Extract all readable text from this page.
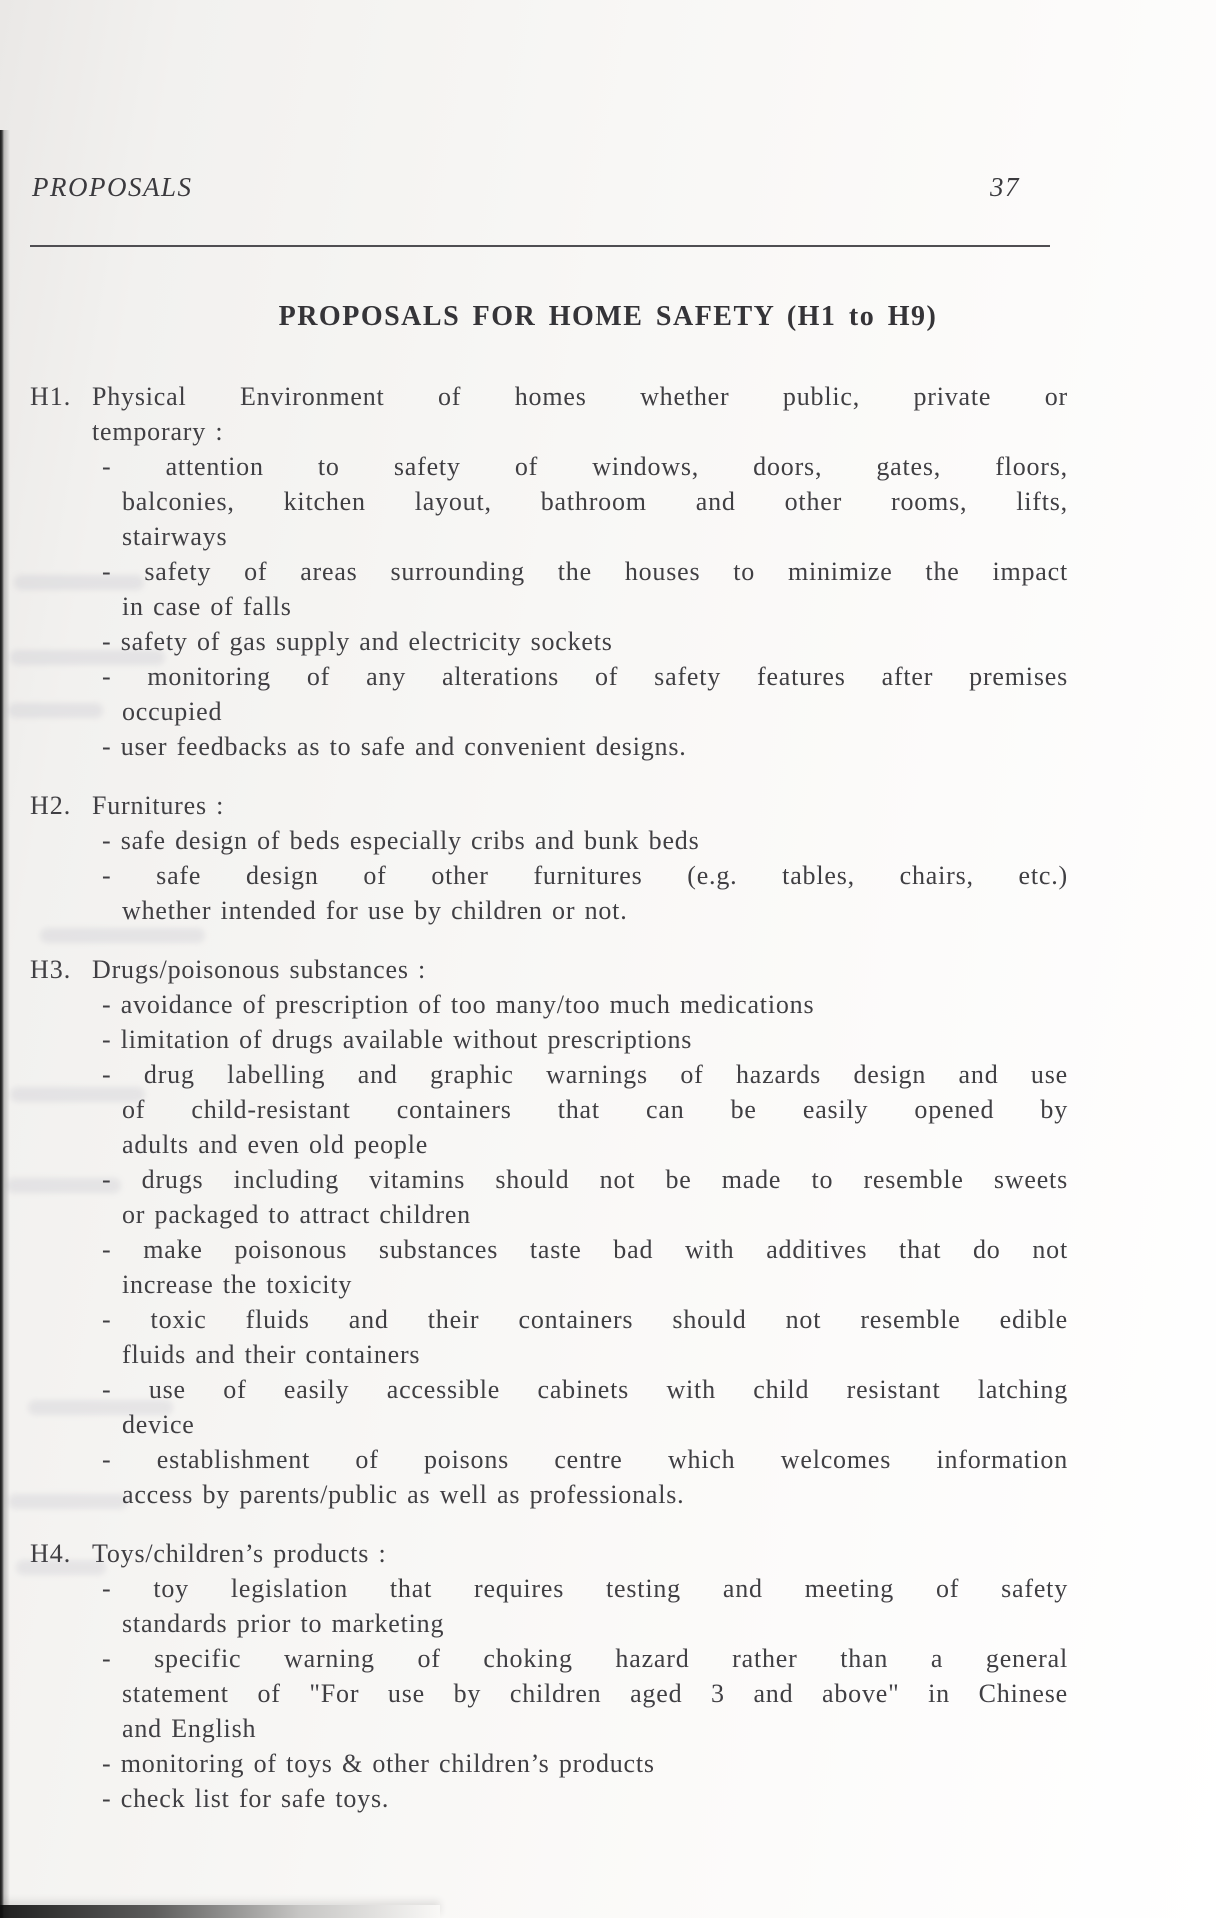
PROPOSALS	37
PROPOSALS FOR HOME SAFETY (H1 to H9)
H1. Physical Environment of homes whether public, private or
temporary :
- attention to safety of windows, doors, gates, floors,
balconies, kitchen layout, bathroom and other rooms, lifts,
stairways
- safety of areas surrounding the houses to minimize the impact
in case of falls
- safety of gas supply and electricity sockets
- monitoring of any alterations of safety features after premises
occupied
- user feedbacks as to safe and convenient designs.
H2. Furnitures :
- safe design of beds especially cribs and bunk beds
- safe design of other furnitures (e.g. tables, chairs, etc.)
whether intended for use by children or not.
H3. Drugs/poisonous substances :
- avoidance of prescription of too many/too much medications
- limitation of drugs available without prescriptions
- drug labelling and graphic warnings of hazards design and use
of child-resistant containers that can be easily opened by
adults and even old people
- drugs including vitamins should not be made to resemble sweets
or packaged to attract children
- make poisonous substances taste bad with additives that do not
increase the toxicity
- toxic fluids and their containers should not resemble edible
fluids and their containers
- use of easily accessible cabinets with child resistant latching
device
- establishment of poisons centre which welcomes information
access by parents/public as well as professionals.
H4. Toys/children’s products :
- toy legislation that requires testing and meeting of safety
standards prior to marketing
- specific warning of choking hazard rather than a general
statement of "For use by children aged 3 and above" in Chinese
and English
- monitoring of toys & other children’s products
- check list for safe toys.
